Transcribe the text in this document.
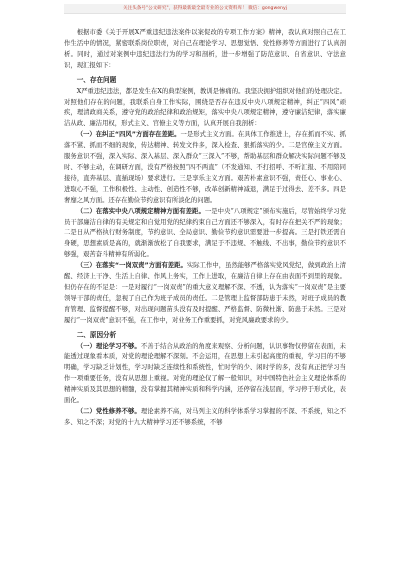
关注头条号"公文研究"，获得最新最全最专业的公文资料库！ 微信：gongwenyj

根据市委《关于开展X严重违纪违法案件以案促改的专项工作方案》精神，我认真对照自己在工作生活中的情况，紧密联系岗位职责，对自己在理论学习、思想觉悟、党性修养等方面进行了认真剖析。同时，通过对案例中违纪违法行为的学习和剖析，进一步增强了防范意识、自省意识、守法意识，现汇报如下：

一、存在问题

X严重违纪违法，都是发生在X的典型案例，教训是惨痛的。我坚决拥护组织对他们的处理决定。对照他们存在的问题，我联系自身工作实际，围绕是否存在违反中央八项规定精神，纠正“四风”顽疾，理清政商关系，遵守党的政治纪律和政治规矩，落实中央八项规定精神，遵守廉洁纪律，落实廉洁从政、廉洁用权，形式主义、官僚主义等方面，认真开展自我剖析：

（一）在纠正“四风”方面存在差距。一是形式主义方面。在具体工作推进上，存在抓而不实、抓落不紧、抓而不细的现象，传达精神、转发文件多，深入检查、狠抓落实的少。二是官僚主义方面。服务意识不强，深入实际、深入基层、深入群众“三深入”不够，帮助基层和群众解决实际问题不够及时、不够主动，在调研方面，没有严格按照“四不两直”（不发通知、不打招呼、不听汇报、不用陪同接待，直奔基层、直插现场）要求进行。三是享乐主义方面。艰苦朴素意识不强，责任心、事业心、进取心不强，工作积极性、主动性、创造性不够，改革创新精神减退，满足于过得去、差不多。四是奢靡之风方面。还存在勤俭节约意识有所淡化的问题。

（二）在落实中央八项规定精神方面有差距。一是中央“八项规定”颁布实施后，尽管始终学习党员干部廉洁自律的有关规定和自觉用党的纪律约束自己方面还不够深入，有时存在把关不严的现象；二是日从严格执行财务制度，节约意识、全局意识、勤俭节约意识需要进一步提高。三是打铁还需自身硬，思想素质是高的，就渐渐放松了自我要求，满足于不违规、不触线、不出事，勤俭节约意识不够强，艰苦奋斗精神有所弱化。

（三）在落实“一岗双责”方面有差距。实际工作中，虽然能够严格落实党风党纪，做到政治上清醒、经济上干净、生活上自律、作风上务实，工作上进取，在廉洁自律上存在由表面不到里的现象。但仍存在的不足是：一是对履行“一岗双责”的重大意义理解不深、不透，认为落实“一岗双责”是主要领导干部的责任，忽视了自己作为班子成员的责任。二是管理上监督部防患于未然，对班子成员的教育管理、监督提醒不够，对出现问题苗头没有及时提醒、严格监督、防微杜渐、防患于未然。三是对履行“一岗双责”意识不强，在工作中，对业务工作重要抓，对党风廉政要求的少。

二、原因分析

（一）理论学习不够。不善于结合从政治的角度来观察、分析问题，认识事物仅停留在表面，未能透过现象看本质，对党的理论理解不深刻。不会运用，在思想上未引起高度的重视，学习目的不够明确，学习缺乏计划性，学习时缺乏连续性和系统性，忙时学的少、闲时学的多，没有真正把学习当作一项重要任务，没有从思想上重视。对党的理论仅了解一般知识，对中国特色社会主义理论体系的精神实质及其思想的精髓，没有掌握其精神实质和科学内涵，还停留在浅层面，学习停于形式化，表面化。

（二）党性修养不够。理论素养不高，对马列主义的科学体系学习掌握的不深、不系统，知之不多、知之不深；对党的十九大精神学习还不够系统，不够
